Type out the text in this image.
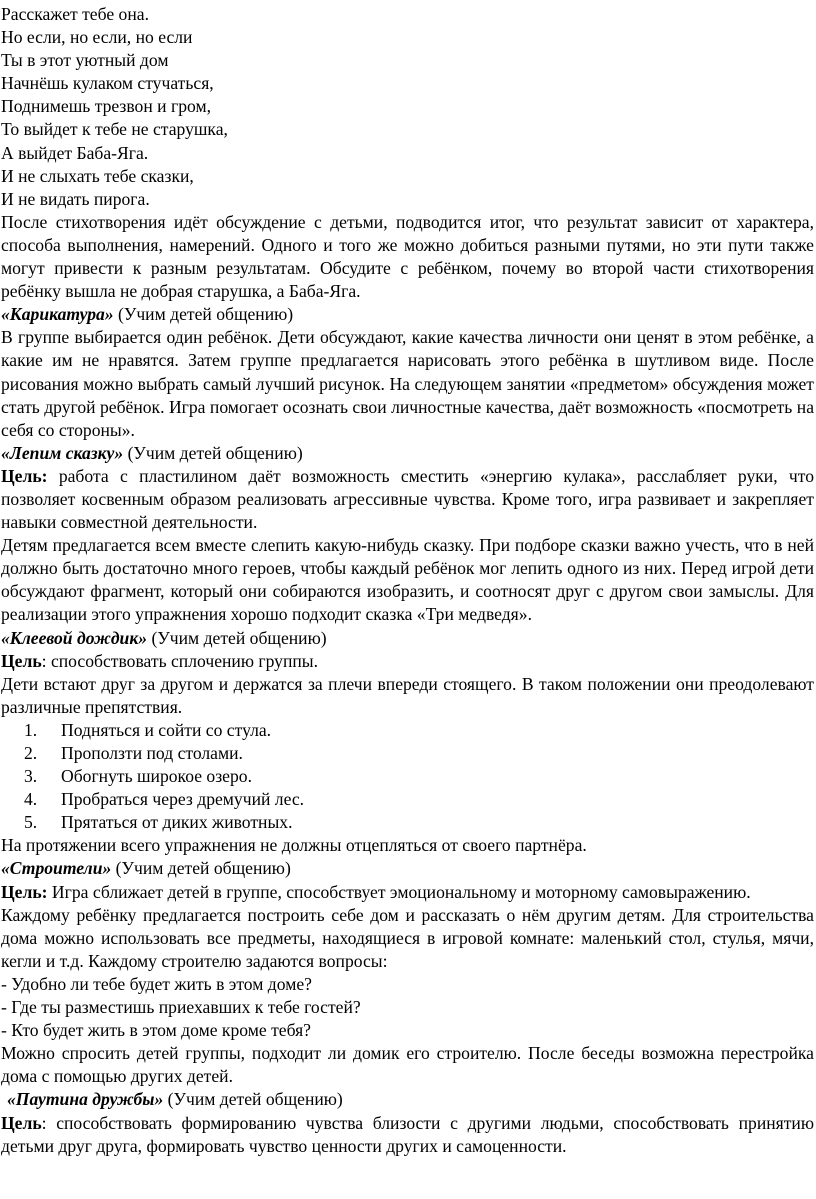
Расскажет тебе она.
Но если, но если, но если
Ты в этот уютный дом
Начнёшь кулаком стучаться,
Поднимешь трезвон и гром,
То выйдет к тебе не старушка,
А выйдет Баба-Яга.
И не слыхать тебе сказки,
И не видать пирога.

После стихотворения идёт обсуждение с детьми, подводится итог, что результат зависит от характера, способа выполнения, намерений. Одного и того же можно добиться разными путями, но эти пути также могут привести к разным результатам. Обсудите с ребёнком, почему во второй части стихотворения ребёнку вышла не добрая старушка, а Баба-Яга.

«Карикатура» (Учим детей общению)

В группе выбирается один ребёнок. Дети обсуждают, какие качества личности они ценят в этом ребёнке, а какие им не нравятся. Затем группе предлагается нарисовать этого ребёнка в шутливом виде. После рисования можно выбрать самый лучший рисунок. На следующем занятии «предметом» обсуждения может стать другой ребёнок. Игра помогает осознать свои личностные качества, даёт возможность «посмотреть на себя со стороны».

«Лепим сказку» (Учим детей общению)

Цель: работа с пластилином даёт возможность сместить «энергию кулака», расслабляет руки, что позволяет косвенным образом реализовать агрессивные чувства. Кроме того, игра развивает и закрепляет навыки совместной деятельности.

Детям предлагается всем вместе слепить какую-нибудь сказку. При подборе сказки важно учесть, что в ней должно быть достаточно много героев, чтобы каждый ребёнок мог лепить одного из них. Перед игрой дети обсуждают фрагмент, который они собираются изобразить, и соотносят друг с другом свои замыслы. Для реализации этого упражнения хорошо подходит сказка «Три медведя».

«Клеевой дождик» (Учим детей общению)

Цель: способствовать сплочению группы.

Дети встают друг за другом и держатся за плечи впереди стоящего. В таком положении они преодолевают различные препятствия.

1.	Подняться и сойти со стула.
2.	Проползти под столами.
3.	Обогнуть широкое озеро.
4.	Пробраться через дремучий лес.
5.	Прятаться от диких животных.

На протяжении всего упражнения не должны отцепляться от своего партнёра.

«Строители» (Учим детей общению)

Цель: Игра сближает детей в группе, способствует эмоциональному и моторному самовыражению.

Каждому ребёнку предлагается построить себе дом и рассказать о нём другим детям. Для строительства дома можно использовать все предметы, находящиеся в игровой комнате: маленький стол, стулья, мячи, кегли и т.д. Каждому строителю задаются вопросы:

- Удобно ли тебе будет жить в этом доме?
- Где ты разместишь приехавших к тебе гостей?
- Кто будет жить в этом доме кроме тебя?

Можно спросить детей группы, подходит ли домик его строителю. После беседы возможна перестройка дома с помощью других детей.

«Паутина дружбы» (Учим детей общению)

Цель: способствовать формированию чувства близости с другими людьми, способствовать принятию детьми друг друга, формировать чувство ценности других и самоценности.
